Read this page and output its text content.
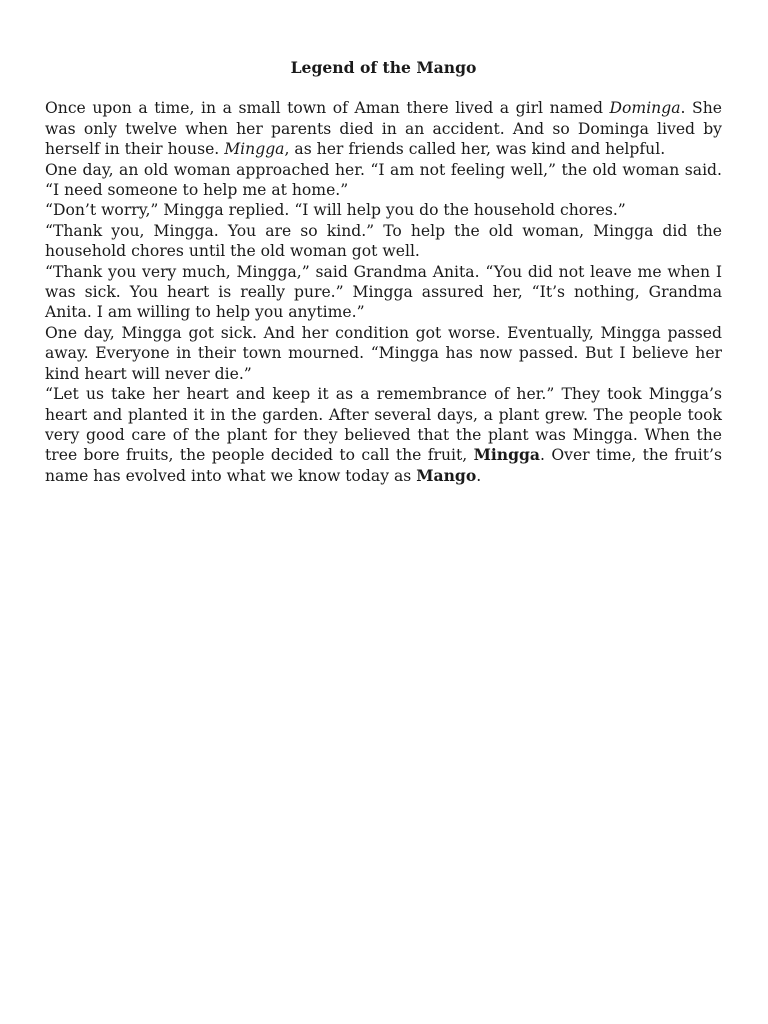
Legend of the Mango

Once upon a time, in a small town of Aman there lived a girl named Dominga. She was only twelve when her parents died in an accident. And so Dominga lived by herself in their house. Mingga, as her friends called her, was kind and helpful.

One day, an old woman approached her. “I am not feeling well,” the old woman said. “I need someone to help me at home.”

“Don’t worry,” Mingga replied. “I will help you do the household chores.”

“Thank you, Mingga. You are so kind.” To help the old woman, Mingga did the household chores until the old woman got well.

“Thank you very much, Mingga,” said Grandma Anita. “You did not leave me when I was sick. You heart is really pure.” Mingga assured her, “It’s nothing, Grandma Anita. I am willing to help you anytime.”

One day, Mingga got sick. And her condition got worse. Eventually, Mingga passed away. Everyone in their town mourned. “Mingga has now passed. But I believe her kind heart will never die.”

“Let us take her heart and keep it as a remembrance of her.” They took Mingga’s heart and planted it in the garden. After several days, a plant grew. The people took very good care of the plant for they believed that the plant was Mingga. When the tree bore fruits, the people decided to call the fruit, Mingga. Over time, the fruit’s name has evolved into what we know today as Mango.
